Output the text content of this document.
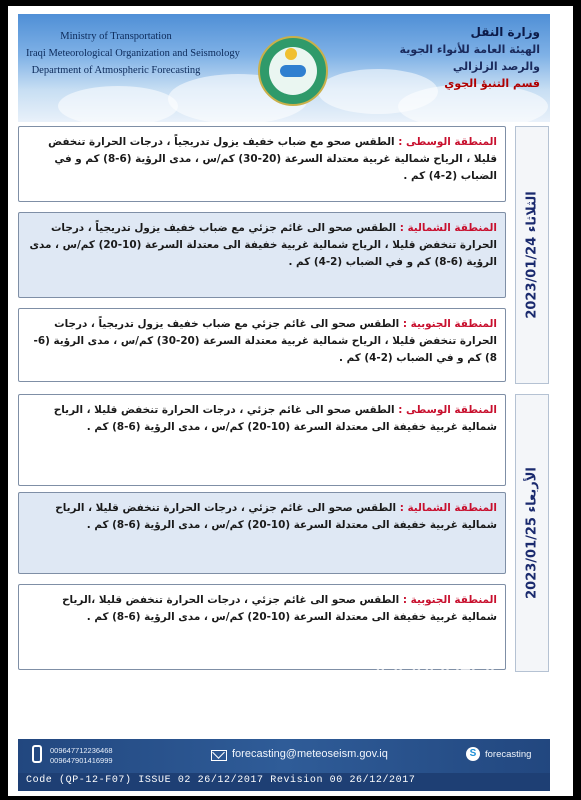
Ministry of Transportation
Iraqi Meteorological Organization and Seismology
Department of Atmospheric Forecasting
وزارة النقل
الهيئة العامة للأنواء الجوية والرصد الزلزالي
قسم التنبؤ الجوي
الثلاثاء 2023/01/24
المنطقة الوسطى : الطقس صحو مع ضباب خفيف يزول تدريجياً ، درجات الحرارة تنخفض قليلا ، الرياح شمالية غربية معتدلة السرعة (20-30) كم/س ، مدى الرؤية (6-8) كم و في الضباب (2-4) كم .
المنطقة الشمالية : الطقس صحو الى غائم جزئي مع ضباب خفيف يزول تدريجياً ، درجات الحرارة تنخفض قليلا ، الرياح شمالية غربية خفيفة الى معتدلة السرعة (10-20) كم/س ، مدى الرؤية (6-8) كم و في الضباب (2-4) كم .
المنطقة الجنوبية : الطقس صحو الى غائم جزئي مع ضباب خفيف يزول تدريجياً ، درجات الحرارة تنخفض قليلا ، الرياح شمالية غربية معتدلة السرعة (20-30) كم/س ، مدى الرؤية (6-8) كم و في الضباب (2-4) كم .
الأربعاء 2023/01/25
المنطقة الوسطى : الطقس صحو الى غائم جزئي ، درجات الحرارة تنخفض قليلا ، الرياح شمالية غربية خفيفة الى معتدلة السرعة (10-20) كم/س ، مدى الرؤية (6-8) كم .
المنطقة الشمالية : الطقس صحو الى غائم جزئي ، درجات الحرارة تنخفض قليلا ، الرياح شمالية غربية خفيفة الى معتدلة السرعة (10-20) كم/س ، مدى الرؤية (6-8) كم .
المنطقة الجنوبية : الطقس صحو الى غائم جزئي ، درجات الحرارة تنخفض قليلا ،الرياح شمالية غربية خفيفة الى معتدلة السرعة (10-20) كم/س ، مدى الرؤية (6-8) كم .
TODAY
009647712236468
009647901416999
forecasting@meteoseism.gov.iq	S forecasting
Code (QP-12-F07) ISSUE 02 26/12/2017 Revision 00 26/12/2017
